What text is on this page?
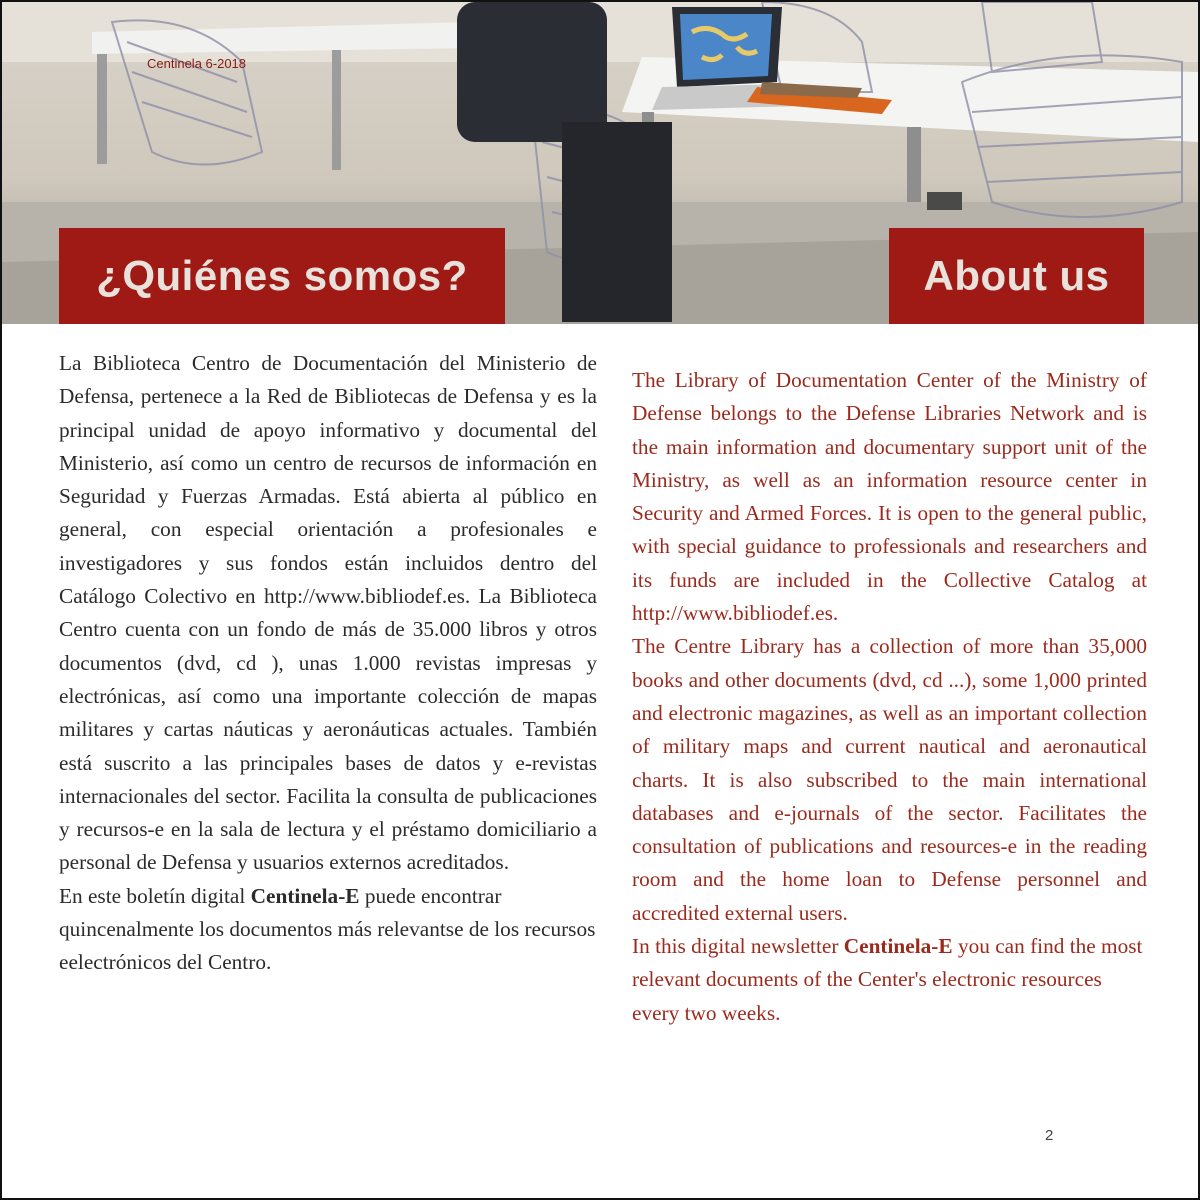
Centinela 6-2018
¿Quiénes somos?	About us

La Biblioteca Centro de Documentación del Ministerio de Defensa, pertenece a la Red de Bibliotecas de Defensa y es la principal unidad de apoyo informativo y documental del Ministerio, así como un centro de recursos de información en Seguridad y Fuerzas Armadas. Está abierta al público en general, con especial orientación a profesionales e investigadores y sus fondos están incluidos dentro del Catálogo Colectivo en http://www.bibliodef.es. La Biblioteca Centro cuenta con un fondo de más de 35.000 libros y otros documentos (dvd, cd ), unas 1.000 revistas impresas y electrónicas, así como una importante colección de mapas militares y cartas náuticas y aeronáuticas actuales. También está suscrito a las principales bases de datos y e-revistas internacionales del sector. Facilita la consulta de publicaciones y recursos-e en la sala de lectura y el préstamo domiciliario a personal de Defensa y usuarios externos acreditados.

En este boletín digital Centinela-E puede encontrar quincenalmente los documentos más relevantse de los recursos eelectrónicos del Centro.

The Library of Documentation Center of the Ministry of Defense belongs to the Defense Libraries Network and is the main information and documentary support unit of the Ministry, as well as an information resource center in Security and Armed Forces. It is open to the general public, with special guidance to professionals and researchers and its funds are included in the Collective Catalog at http://www.bibliodef.es.

The Centre Library has a collection of more than 35,000 books and other documents (dvd, cd ...), some 1,000 printed and electronic magazines, as well as an important collection of military maps and current nautical and aeronautical charts. It is also subscribed to the main international databases and e-journals of the sector. Facilitates the consultation of publications and resources-e in the reading room and the home loan to Defense personnel and accredited external users.

In this digital newsletter Centinela-E you can find the most relevant documents of the Center's electronic resources every two weeks.

2
